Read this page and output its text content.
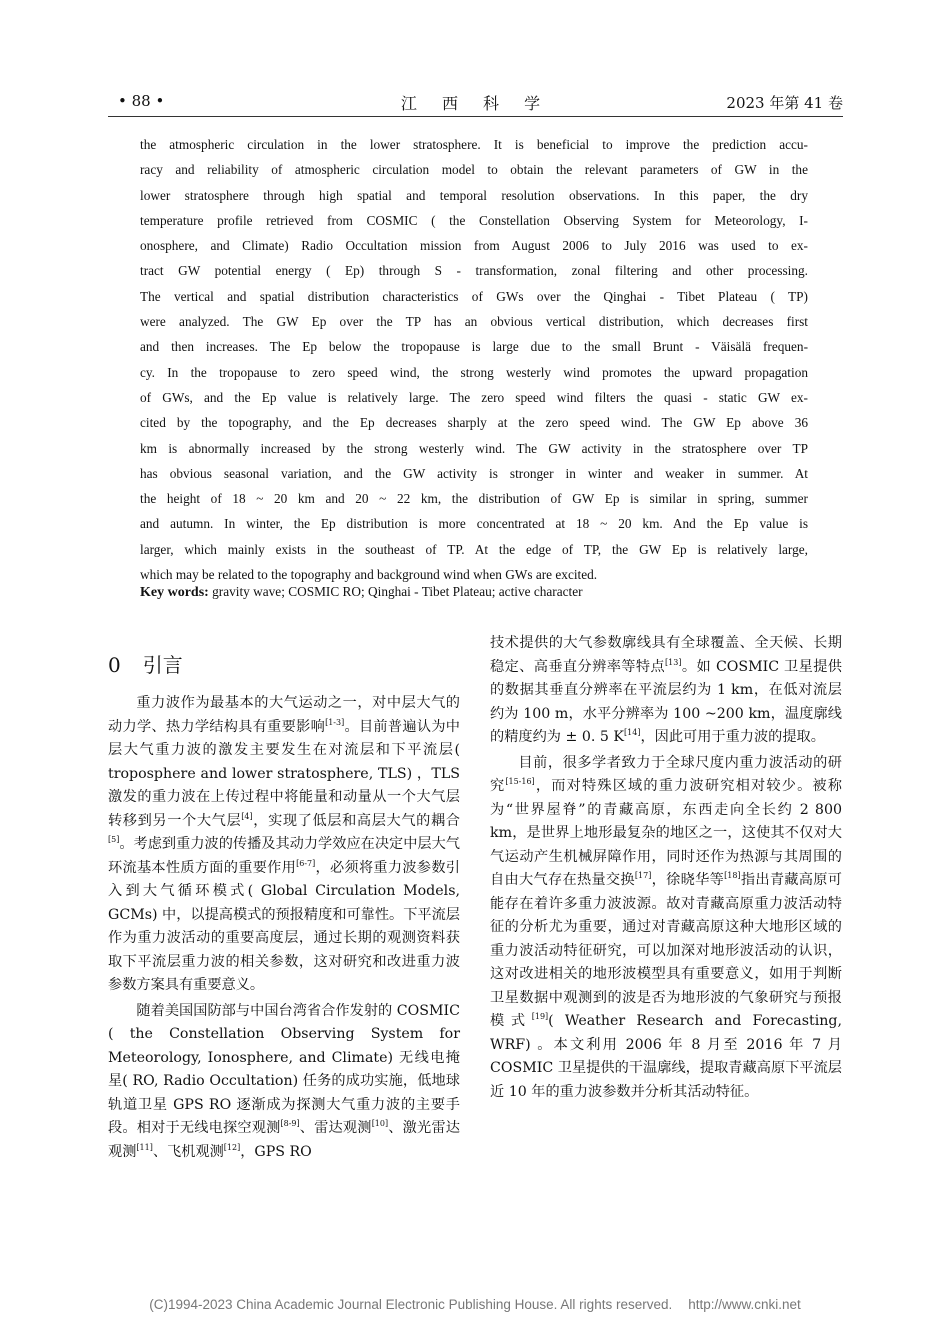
• 88 •	江 西 科 学	2023 年第 41 卷
the atmospheric circulation in the lower stratosphere. It is beneficial to improve the prediction accu-
racy and reliability of atmospheric circulation model to obtain the relevant parameters of GW in the
lower stratosphere through high spatial and temporal resolution observations. In this paper, the dry
temperature profile retrieved from COSMIC ( the Constellation Observing System for Meteorology, I-
onosphere, and Climate) Radio Occultation mission from August 2006 to July 2016 was used to ex-
tract GW potential energy ( Ep) through S - transformation, zonal filtering and other processing.
The vertical and spatial distribution characteristics of GWs over the Qinghai - Tibet Plateau ( TP)
were analyzed. The GW Ep over the TP has an obvious vertical distribution, which decreases first
and then increases. The Ep below the tropopause is large due to the small Brunt - Väisälä frequen-
cy. In the tropopause to zero speed wind, the strong westerly wind promotes the upward propagation
of GWs, and the Ep value is relatively large. The zero speed wind filters the quasi - static GW ex-
cited by the topography, and the Ep decreases sharply at the zero speed wind. The GW Ep above 36
km is abnormally increased by the strong westerly wind. The GW activity in the stratosphere over TP
has obvious seasonal variation, and the GW activity is stronger in winter and weaker in summer. At
the height of 18 ~ 20 km and 20 ~ 22 km, the distribution of GW Ep is similar in spring, summer
and autumn. In winter, the Ep distribution is more concentrated at 18 ~ 20 km. And the Ep value is
larger, which mainly exists in the southeast of TP. At the edge of TP, the GW Ep is relatively large,
which may be related to the topography and background wind when GWs are excited.
Key words: gravity wave; COSMIC RO; Qinghai - Tibet Plateau; active character
0 引言

重力波作为最基本的大气运动之一，对中层大气的动力学、热力学结构具有重要影响[1-3]。目前普遍认为中层大气重力波的激发主要发生在对流层和下平流层( troposphere and lower stratosphere, TLS) ，TLS 激发的重力波在上传过程中将能量和动量从一个大气层转移到另一个大气层[4]，实现了低层和高层大气的耦合[5]。考虑到重力波的传播及其动力学效应在决定中层大气环流基本性质方面的重要作用[6-7]，必须将重力波参数引入到大气循环模式( Global Circulation Models, GCMs) 中，以提高模式的预报精度和可靠性。下平流层作为重力波活动的重要高度层，通过长期的观测资料获取下平流层重力波的相关参数，这对研究和改进重力波参数方案具有重要意义。

随着美国国防部与中国台湾省合作发射的 COSMIC ( the Constellation Observing System for Meteorology, Ionosphere, and Climate) 无线电掩星( RO, Radio Occultation) 任务的成功实施，低地球轨道卫星 GPS RO 逐渐成为探测大气重力波的主要手段。相对于无线电探空观测[8-9]、雷达观测[10]、激光雷达观测[11]、飞机观测[12]，GPS RO

技术提供的大气参数廓线具有全球覆盖、全天候、长期稳定、高垂直分辨率等特点[13]。如 COSMIC 卫星提供的数据其垂直分辨率在平流层约为 1 km，在低对流层约为 100 m，水平分辨率为 100 ~200 km，温度廓线的精度约为 ± 0. 5 K[14]，因此可用于重力波的提取。

目前，很多学者致力于全球尺度内重力波活动的研究[15-16]，而对特殊区域的重力波研究相对较少。被称为“世界屋脊”的青藏高原，东西走向全长约 2 800 km，是世界上地形最复杂的地区之一，这使其不仅对大气运动产生机械屏障作用，同时还作为热源与其周围的自由大气存在热量交换[17]，徐晓华等[18]指出青藏高原可能存在着许多重力波波源。故对青藏高原重力波活动特征的分析尤为重要，通过对青藏高原这种大地形区域的重力波活动特征研究，可以加深对地形波活动的认识，这对改进相关的地形波模型具有重要意义，如用于判断卫星数据中观测到的波是否为地形波的气象研究与预报模式[19]( Weather Research and Forecasting, WRF) 。本文利用 2006 年 8 月至 2016 年 7 月 COSMIC 卫星提供的干温廓线，提取青藏高原下平流层近 10 年的重力波参数并分析其活动特征。

(C)1994-2023 China Academic Journal Electronic Publishing House. All rights reserved. http://www.cnki.net
